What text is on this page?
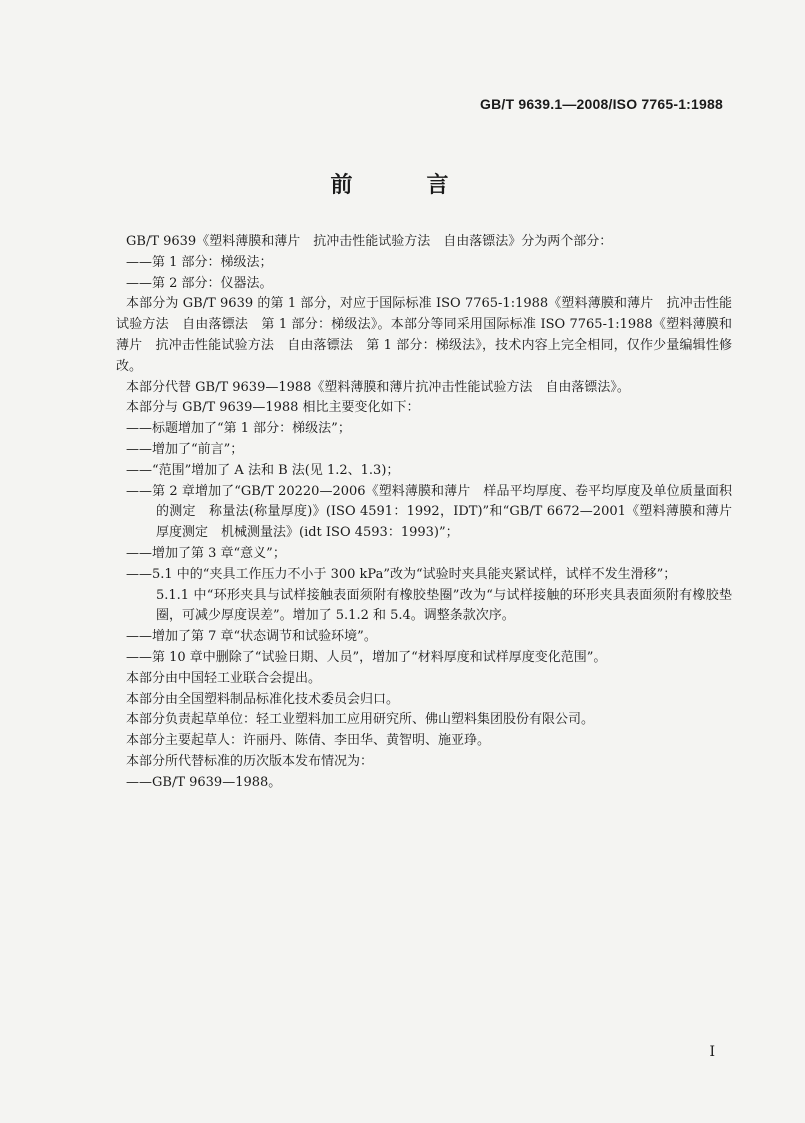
GB/T 9639.1—2008/ISO 7765-1:1988
前　言
GB/T 9639《塑料薄膜和薄片　抗冲击性能试验方法　自由落镖法》分为两个部分：
——第 1 部分：梯级法；
——第 2 部分：仪器法。
本部分为 GB/T 9639 的第 1 部分，对应于国际标准 ISO 7765-1:1988《塑料薄膜和薄片　抗冲击性能试验方法　自由落镖法　第 1 部分：梯级法》。本部分等同采用国际标准 ISO 7765-1:1988《塑料薄膜和薄片　抗冲击性能试验方法　自由落镖法　第 1 部分：梯级法》，技术内容上完全相同，仅作少量编辑性修改。
本部分代替 GB/T 9639—1988《塑料薄膜和薄片抗冲击性能试验方法　自由落镖法》。
本部分与 GB/T 9639—1988 相比主要变化如下：
——标题增加了“第 1 部分：梯级法”；
——增加了“前言”；
——“范围”增加了 A 法和 B 法(见 1.2、1.3)；
——第 2 章增加了“GB/T 20220—2006《塑料薄膜和薄片　样品平均厚度、卷平均厚度及单位质量面积的测定　称量法(称量厚度)》(ISO 4591：1992，IDT)”和“GB/T 6672—2001《塑料薄膜和薄片　厚度测定　机械测量法》(idt ISO 4593：1993)”；
——增加了第 3 章“意义”；
——5.1 中的“夹具工作压力不小于 300 kPa”改为“试验时夹具能夹紧试样，试样不发生滑移”；
5.1.1 中“环形夹具与试样接触表面须附有橡胶垫圈”改为“与试样接触的环形夹具表面须附有橡胶垫圈，可减少厚度误差”。增加了 5.1.2 和 5.4。调整条款次序。
——增加了第 7 章“状态调节和试验环境”。
——第 10 章中删除了“试验日期、人员”，增加了“材料厚度和试样厚度变化范围”。
本部分由中国轻工业联合会提出。
本部分由全国塑料制品标准化技术委员会归口。
本部分负责起草单位：轻工业塑料加工应用研究所、佛山塑料集团股份有限公司。
本部分主要起草人：许丽丹、陈倩、李田华、黄智明、施亚琤。
本部分所代替标准的历次版本发布情况为：
——GB/T 9639—1988。
I
